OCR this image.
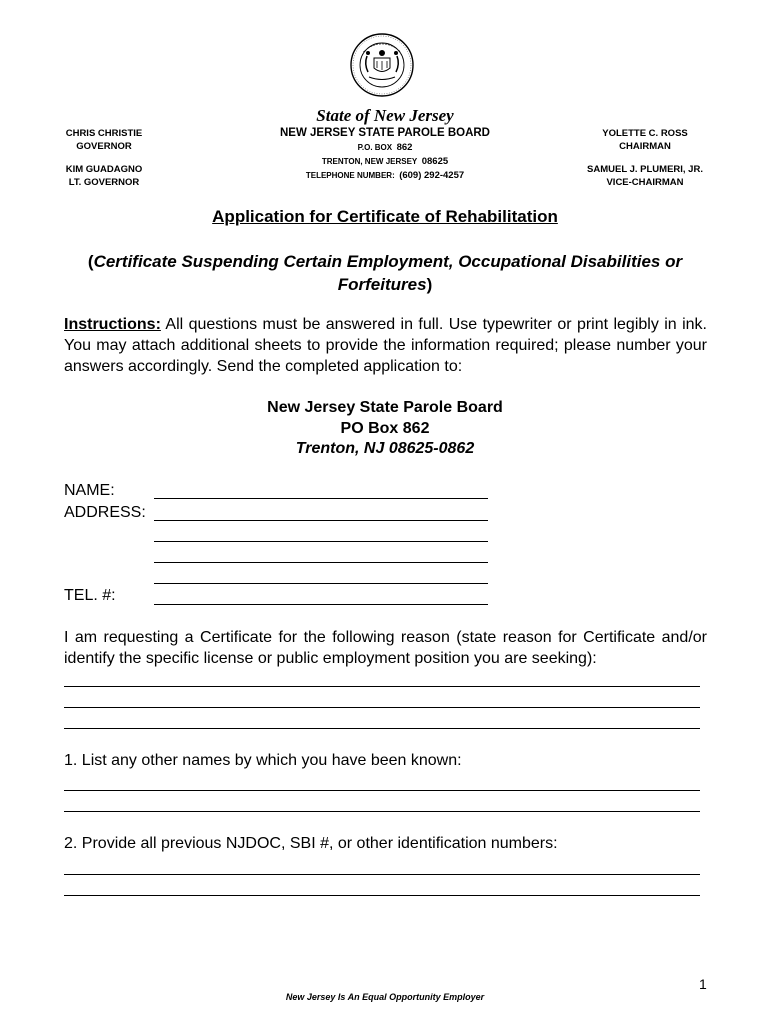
State of New Jersey
CHRIS CHRISTIE
GOVERNOR
KIM GUADAGNO
LT. GOVERNOR
NEW JERSEY STATE PAROLE BOARD
P.O. BOX 862
TRENTON, NEW JERSEY 08625
TELEPHONE NUMBER: (609) 292-4257
YOLETTE C. ROSS
CHAIRMAN
SAMUEL J. PLUMERI, JR.
VICE-CHAIRMAN
Application for Certificate of Rehabilitation
(Certificate Suspending Certain Employment, Occupational Disabilities or Forfeitures)
Instructions: All questions must be answered in full. Use typewriter or print legibly in ink. You may attach additional sheets to provide the information required; please number your answers accordingly. Send the completed application to:
New Jersey State Parole Board
PO Box 862
Trenton, NJ 08625-0862
NAME:
ADDRESS:
TEL. #:
I am requesting a Certificate for the following reason (state reason for Certificate and/or identify the specific license or public employment position you are seeking):
1. List any other names by which you have been known:
2. Provide all previous NJDOC, SBI #, or other identification numbers:
1
New Jersey Is An Equal Opportunity Employer
